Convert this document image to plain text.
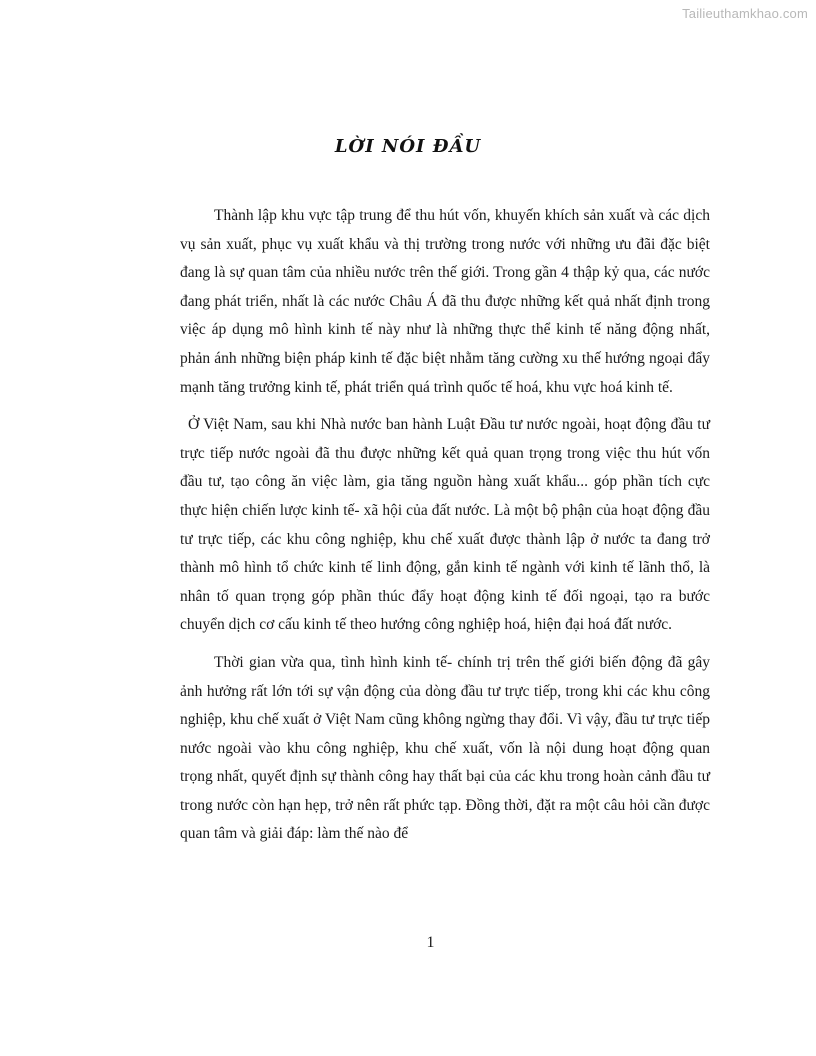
Tailieuthamkhao.com
LỜI NÓI ĐẦU

Thành lập khu vực tập trung để thu hút vốn, khuyến khích sản xuất và các dịch vụ sản xuất, phục vụ xuất khẩu và thị trường trong nước với những ưu đãi đặc biệt đang là sự quan tâm của nhiều nước trên thế giới. Trong gần 4 thập kỷ qua, các nước đang phát triển, nhất là các nước Châu Á đã thu được những kết quả nhất định trong việc áp dụng mô hình kinh tế này như là những thực thể kinh tế năng động nhất, phản ánh những biện pháp kinh tế đặc biệt nhằm tăng cường xu thế hướng ngoại đẩy mạnh tăng trưởng kinh tế, phát triển quá trình quốc tế hoá, khu vực hoá kinh tế.

Ở Việt Nam, sau khi Nhà nước ban hành Luật Đầu tư nước ngoài, hoạt động đầu tư trực tiếp nước ngoài đã thu được những kết quả quan trọng trong việc thu hút vốn đầu tư, tạo công ăn việc làm, gia tăng nguồn hàng xuất khẩu... góp phần tích cực thực hiện chiến lược kinh tế- xã hội của đất nước. Là một bộ phận của hoạt động đầu tư trực tiếp, các khu công nghiệp, khu chế xuất được thành lập ở nước ta đang trở thành mô hình tổ chức kinh tế linh động, gắn kinh tế ngành với kinh tế lãnh thổ, là nhân tố quan trọng góp phần thúc đẩy hoạt động kinh tế đối ngoại, tạo ra bước chuyển dịch cơ cấu kinh tế theo hướng công nghiệp hoá, hiện đại hoá đất nước.

Thời gian vừa qua, tình hình kinh tế- chính trị trên thế giới biến động đã gây ảnh hưởng rất lớn tới sự vận động của dòng đầu tư trực tiếp, trong khi các khu công nghiệp, khu chế xuất ở Việt Nam cũng không ngừng thay đổi. Vì vậy, đầu tư trực tiếp nước ngoài vào khu công nghiệp, khu chế xuất, vốn là nội dung hoạt động quan trọng nhất, quyết định sự thành công hay thất bại của các khu trong hoàn cảnh đầu tư trong nước còn hạn hẹp, trở nên rất phức tạp. Đồng thời, đặt ra một câu hỏi cần được quan tâm và giải đáp: làm thế nào để

1
